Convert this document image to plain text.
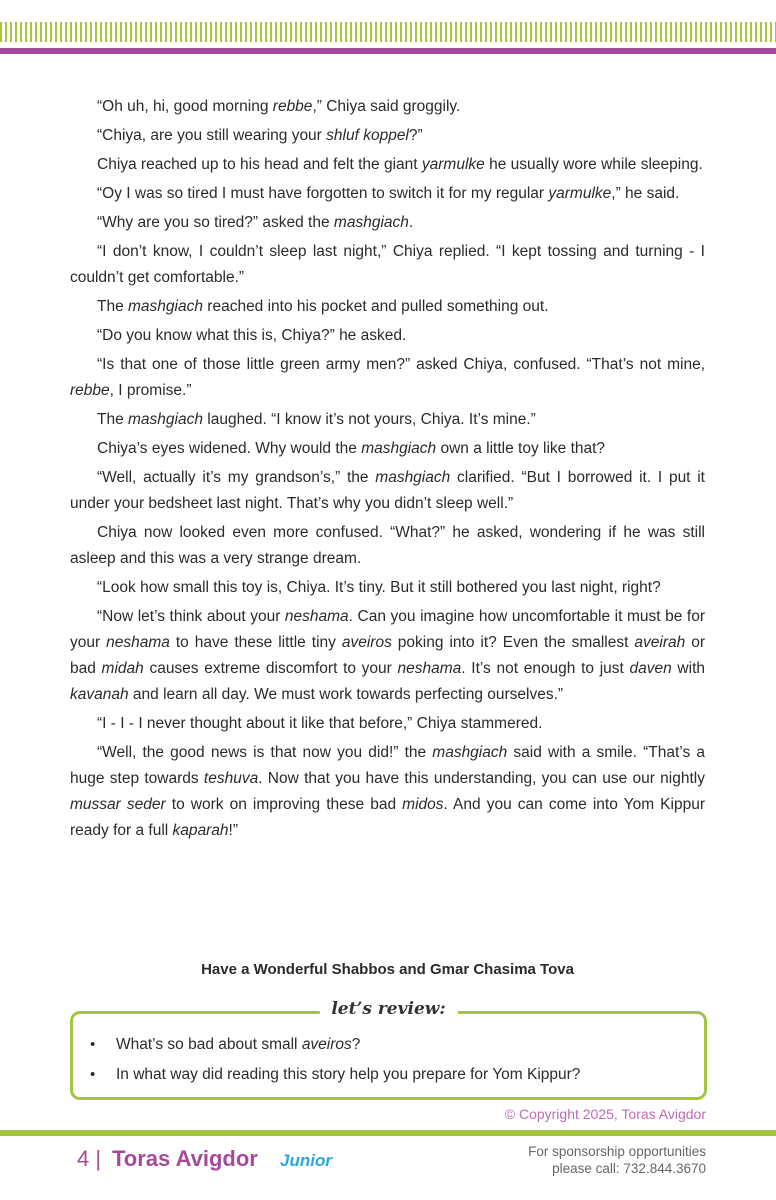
“Oh uh, hi, good morning rebbe,” Chiya said groggily.

“Chiya, are you still wearing your shluf koppel?”

Chiya reached up to his head and felt the giant yarmulke he usually wore while sleeping.

“Oy I was so tired I must have forgotten to switch it for my regular yarmulke,” he said.

“Why are you so tired?” asked the mashgiach.

“I don’t know, I couldn’t sleep last night,” Chiya replied. “I kept tossing and turning - I couldn’t get comfortable.”

The mashgiach reached into his pocket and pulled something out.

“Do you know what this is, Chiya?” he asked.

“Is that one of those little green army men?” asked Chiya, confused. “That’s not mine, rebbe, I promise.”

The mashgiach laughed. “I know it’s not yours, Chiya. It’s mine.”

Chiya’s eyes widened. Why would the mashgiach own a little toy like that?

“Well, actually it’s my grandson’s,” the mashgiach clarified. “But I borrowed it. I put it under your bedsheet last night. That’s why you didn’t sleep well.”

Chiya now looked even more confused. “What?” he asked, wondering if he was still asleep and this was a very strange dream.

“Look how small this toy is, Chiya. It’s tiny. But it still bothered you last night, right?

“Now let’s think about your neshama. Can you imagine how uncomfortable it must be for your neshama to have these little tiny aveiros poking into it? Even the smallest aveirah or bad midah causes extreme discomfort to your neshama. It’s not enough to just daven with kavanah and learn all day. We must work towards perfecting ourselves.”

“I - I - I never thought about it like that before,” Chiya stammered.

“Well, the good news is that now you did!” the mashgiach said with a smile. “That’s a huge step towards teshuva. Now that you have this understanding, you can use our nightly mussar seder to work on improving these bad midos. And you can come into Yom Kippur ready for a full kaparah!”

Have a Wonderful Shabbos and Gmar Chasima Tova
let’s review:
• What’s so bad about small aveiros?
• In what way did reading this story help you prepare for Yom Kippur?
© Copyright 2025, Toras Avigdor
4 | Toras Avigdor Junior	For sponsorship opportunities
please call: 732.844.3670
